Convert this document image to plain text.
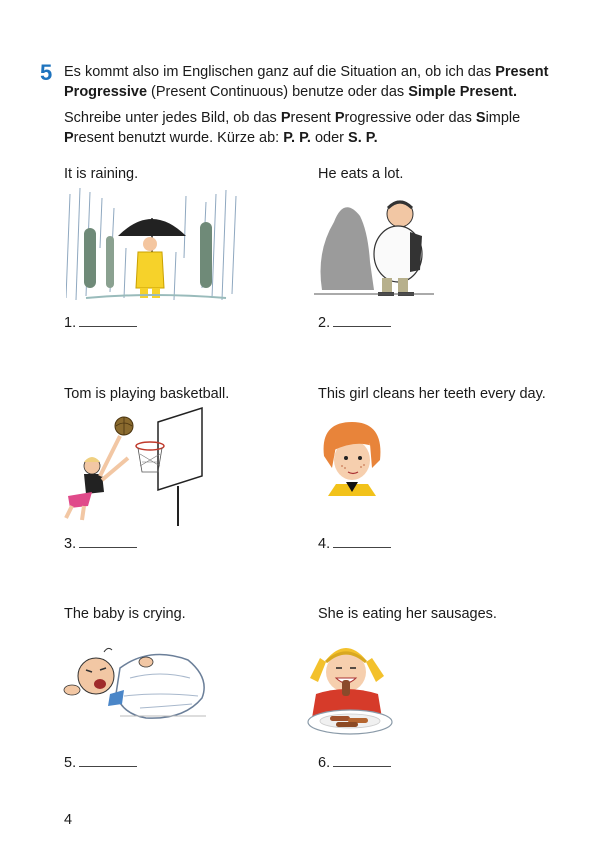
5 Es kommt also im Englischen ganz auf die Situation an, ob ich das Present Progressive (Present Continuous) benutze oder das Simple Present.
Schreibe unter jedes Bild, ob das Present Progressive oder das Simple Present benutzt wurde. Kürze ab: P. P. oder S. P.
It is raining.	He eats a lot.
Tom is playing basketball.	This girl cleans her teeth every day.
The baby is crying.	She is eating her sausages.
1.	2.
3.	4.
5.	6.
4
